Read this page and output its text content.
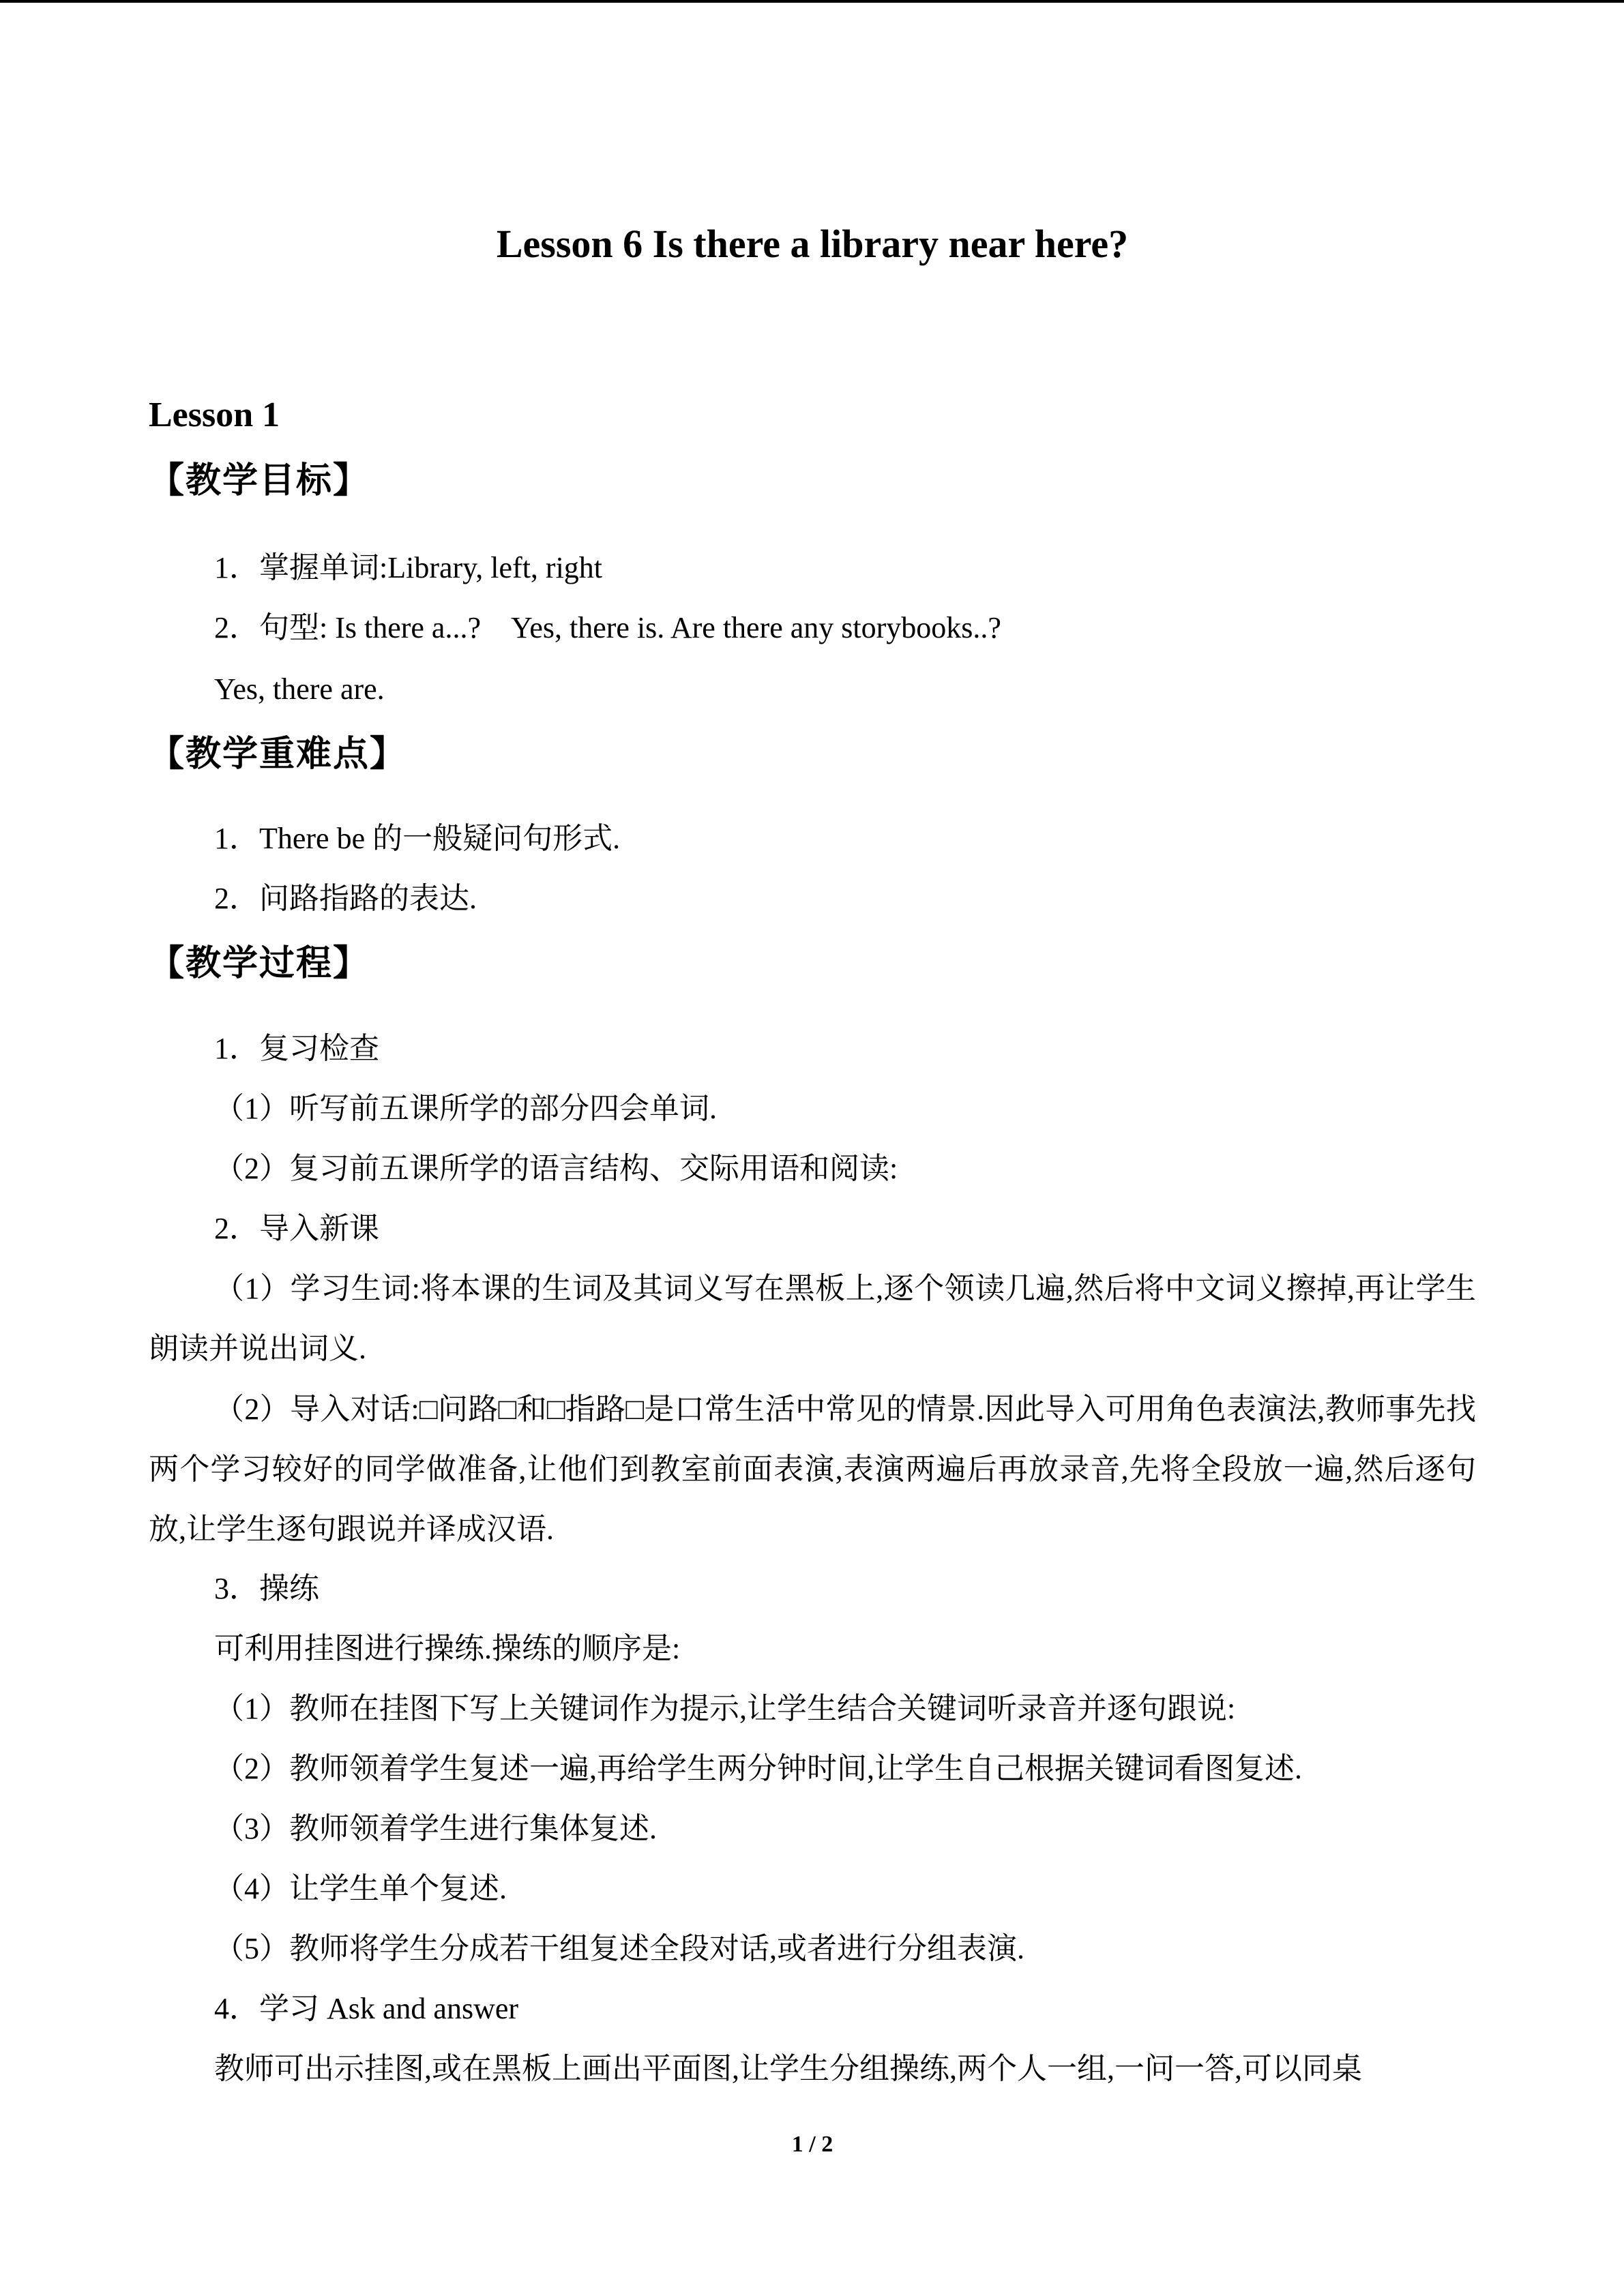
Lesson 6 Is there a library near here?
Lesson 1
【教学目标】
1．掌握单词:Library, left, right
2．句型: Is there a...?　Yes, there is. Are there any storybooks..?
Yes, there are.
【教学重难点】
1．There be 的一般疑问句形式.
2．问路指路的表达.
【教学过程】
1．复习检查
（1）听写前五课所学的部分四会单词.
（2）复习前五课所学的语言结构、交际用语和阅读:
2．导入新课
（1）学习生词:将本课的生词及其词义写在黑板上,逐个领读几遍,然后将中文词义擦掉,再让学生朗读并说出词义.
（2）导入对话:□问路□和□指路□是口常生活中常见的情景.因此导入可用角色表演法,教师事先找两个学习较好的同学做准备,让他们到教室前面表演,表演两遍后再放录音,先将全段放一遍,然后逐句放,让学生逐句跟说并译成汉语.
3．操练
可利用挂图进行操练.操练的顺序是:
（1）教师在挂图下写上关键词作为提示,让学生结合关键词听录音并逐句跟说:
（2）教师领着学生复述一遍,再给学生两分钟时间,让学生自己根据关键词看图复述.
（3）教师领着学生进行集体复述.
（4）让学生单个复述.
（5）教师将学生分成若干组复述全段对话,或者进行分组表演.
4．学习 Ask and answer
教师可出示挂图,或在黑板上画出平面图,让学生分组操练,两个人一组,一问一答,可以同桌
1 / 2
